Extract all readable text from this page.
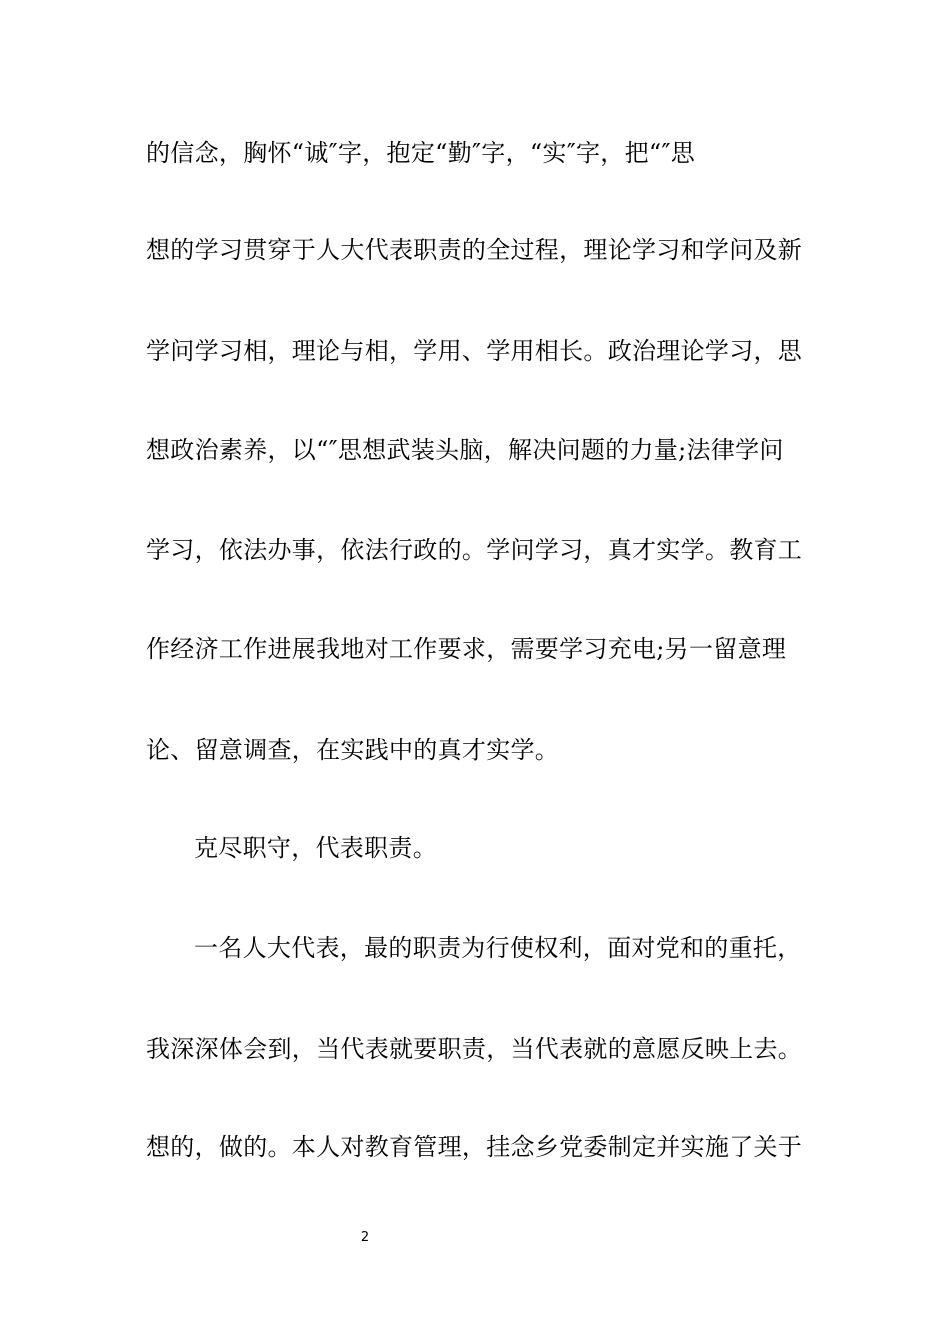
的信念，胸怀“诚″字，抱定“勤″字，“实″字，把“″思
想的学习贯穿于人大代表职责的全过程，理论学习和学问及新
学问学习相，理论与相，学用、学用相长。政治理论学习，思
想政治素养，以“″思想武装头脑，解决问题的力量;法律学问
学习，依法办事，依法行政的。学问学习，真才实学。教育工
作经济工作进展我地对工作要求，需要学习充电;另一留意理
论、留意调查，在实践中的真才实学。
克尽职守，代表职责。
一名人大代表，最的职责为行使权利，面对党和的重托，
我深深体会到，当代表就要职责，当代表就的意愿反映上去。
想的，做的。本人对教育管理，挂念乡党委制定并实施了关于
2
